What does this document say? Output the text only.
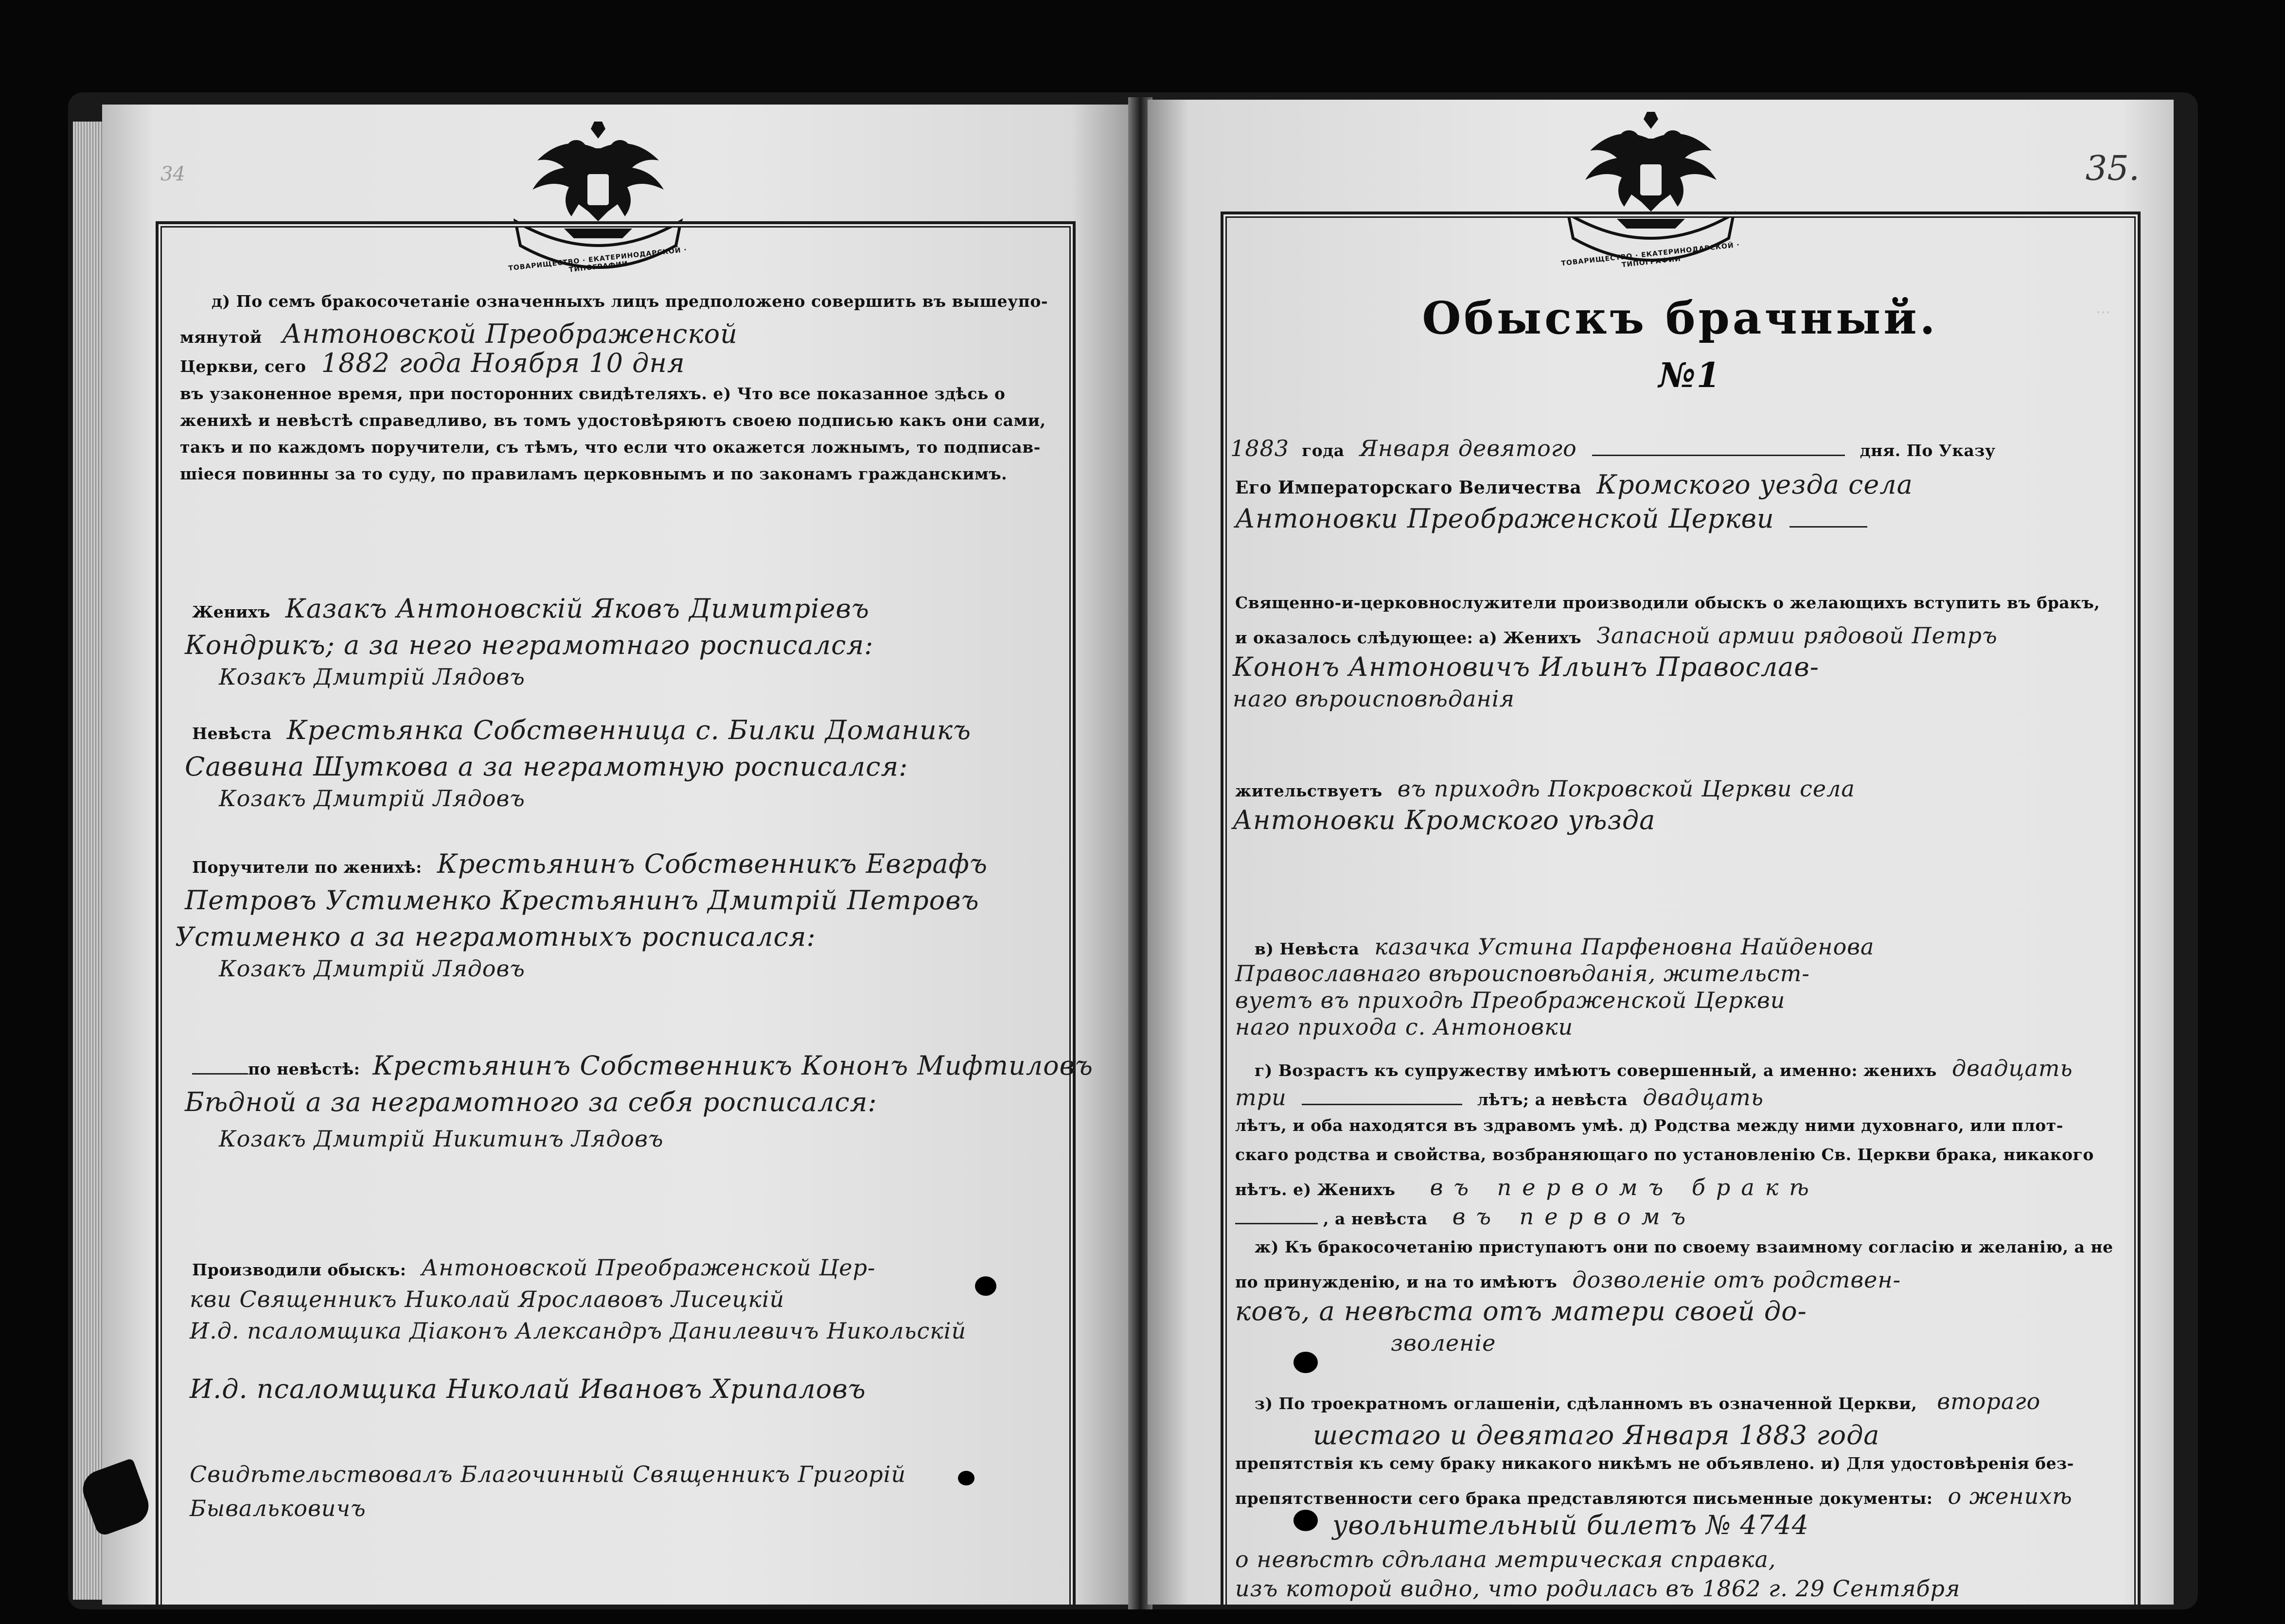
34
ТОВАРИЩЕСТВО · ЕКАТЕРИНОДАРСКОЙ · ТИПОГРАФИИ
д) По семъ бракосочетаніе означенныхъ лицъ предположено совершить въ вышеупо-
мянутой Антоновской Преображенской
Церкви, сего 1882 года Ноября 10 дня
въ узаконенное время, при посторонних свидѣтеляхъ. е) Что все показанное здѣсь о
женихѣ и невѣстѣ справедливо, въ томъ удостовѣряютъ своею подписью какъ они сами,
такъ и по каждомъ поручители, съ тѣмъ, что если что окажется ложнымъ, то подписав-
шіеся повинны за то суду, по правиламъ церковнымъ и по законамъ гражданскимъ.
Женихъ Казакъ Антоновскій Яковъ Димитріевъ
Кондрикъ; а за него неграмотнаго росписался:
Козакъ Дмитрій Лядовъ
Невѣста Крестьянка Собственница с. Билки Доманикъ
Саввина Шуткова а за неграмотную росписался:
Козакъ Дмитрій Лядовъ
Поручители по женихѣ: Крестьянинъ Собственникъ Евграфъ
Петровъ Устименко Крестьянинъ Дмитрій Петровъ
Устименко а за неграмотныхъ росписался:
Козакъ Дмитрій Лядовъ
по невѣстѣ: Крестьянинъ Собственникъ Кононъ Мифтиловъ
Бѣдной а за неграмотного за себя росписался:
Козакъ Дмитрій Никитинъ Лядовъ
Производили обыскъ: Антоновской Преображенской Цер-
кви Священникъ Николай Ярославовъ Лисецкій
И.д. псаломщика Діаконъ Александръ Данилевичъ Никольскій
И.д. псаломщика Николай Ивановъ Хрипаловъ
Свидѣтельствовалъ Благочинный Священникъ Григорій
Бывальковичъ
35.
ТОВАРИЩЕСТВО · ЕКАТЕРИНОДАРСКОЙ · ТИПОГРАФИИ
⋯
Обыскъ брачный.
№1
1883 года Января девятого	дня. По Указу
Его Императорскаго Величества Кромского уезда села
Антоновки Преображенской Церкви
Священно-и-церковнослужители производили обыскъ о желающихъ вступить въ бракъ,
и оказалось слѣдующее: а) Женихъ Запасной армии рядовой Петръ
Кононъ Антоновичъ Ильинъ Православ-
наго вѣроисповѣданія
жительствуетъ въ приходѣ Покровской Церкви села
Антоновки Кромского уѣзда
в) Невѣста казачка Устина Парфеновна Найденова
Православнаго вѣроисповѣданія, жительст-
вуетъ въ приходѣ Преображенской Церкви
наго прихода с. Антоновки
г) Возрастъ къ супружеству имѣютъ совершенный, а именно: женихъ двадцать
три	лѣтъ; а невѣста двадцать
лѣтъ, и оба находятся въ здравомъ умѣ. д) Родства между ними духовнаго, или плот-
скаго родства и свойства, возбраняющаго по установленію Св. Церкви брака, никакого
нѣтъ. е) Женихъ въ первомъ бракѣ
, а невѣста въ первомъ
ж) Къ бракосочетанію приступаютъ они по своему взаимному согласію и желанію, а не
по принужденію, и на то имѣютъ дозволеніе отъ родствен-
ковъ, а невѣста отъ матери своей до-
зволеніе
з) По троекратномъ оглашеніи, сдѣланномъ въ означенной Церкви, втораго
шестаго и девятаго Января 1883 года
препятствія къ сему браку никакого никѣмъ не объявлено. и) Для удостовѣренія без-
препятственности сего брака представляются письменные документы: о женихѣ
увольнительный билетъ № 4744
о невѣстѣ сдѣлана метрическая справка,
изъ которой видно, что родилась въ 1862 г. 29 Сентября
